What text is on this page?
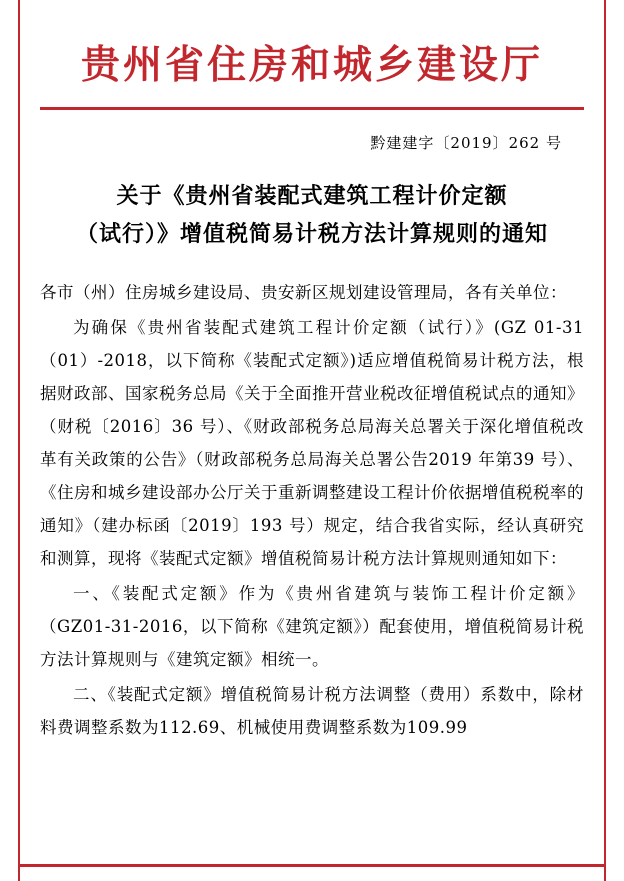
贵州省住房和城乡建设厅
黔建建字〔2019〕262 号
关于《贵州省装配式建筑工程计价定额
（试行）》增值税简易计税方法计算规则的通知

各市（州）住房城乡建设局、贵安新区规划建设管理局，各有关单位：

为确保《贵州省装配式建筑工程计价定额（试行）》(GZ 01-31（01）-2018，以下简称《装配式定额》)适应增值税简易计税方法，根据财政部、国家税务总局《关于全面推开营业税改征增值税试点的通知》（财税〔2016〕36 号）、《财政部税务总局海关总署关于深化增值税改革有关政策的公告》（财政部税务总局海关总署公告2019 年第39 号）、《住房和城乡建设部办公厅关于重新调整建设工程计价依据增值税税率的通知》（建办标函〔2019〕193 号）规定，结合我省实际，经认真研究和测算，现将《装配式定额》增值税简易计税方法计算规则通知如下：

一、《装配式定额》作为《贵州省建筑与装饰工程计价定额》（GZ01-31-2016，以下简称《建筑定额》）配套使用，增值税简易计税方法计算规则与《建筑定额》相统一。

二、《装配式定额》增值税简易计税方法调整（费用）系数中，除材料费调整系数为112.69、机械使用费调整系数为109.99
